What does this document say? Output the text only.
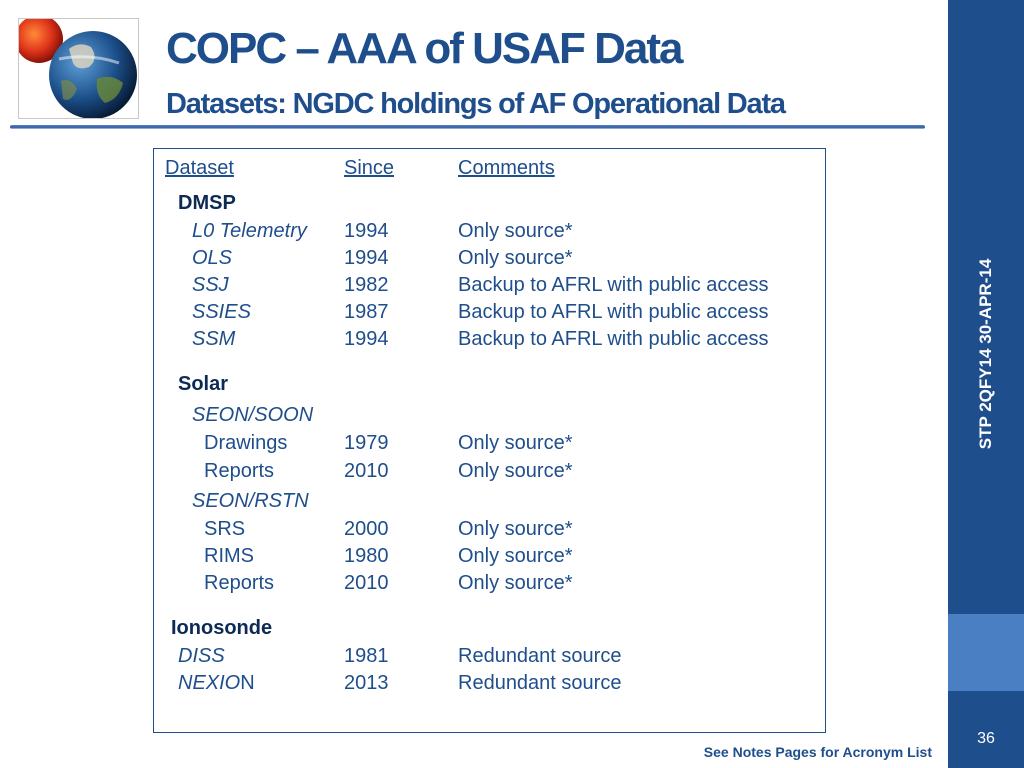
COPC – AAA of USAF Data
Datasets: NGDC holdings of AF Operational Data
STP 2QFY14 30-APR-14
36
See Notes Pages for Acronym List
Dataset	Since	Comments
DMSP
L0 Telemetry 1994	Only source*
OLS	1994	Only source*
SSJ	1982	Backup to AFRL with public access
SSIES	1987	Backup to AFRL with public access
SSM	1994	Backup to AFRL with public access
Solar
SEON/SOON
Drawings	1979	Only source*
Reports	2010	Only source*
SEON/RSTN
SRS	2000	Only source*
RIMS	1980	Only source*
Reports	2010	Only source*
Ionosonde
DISS	1981	Redundant source
NEXION	2013	Redundant source
